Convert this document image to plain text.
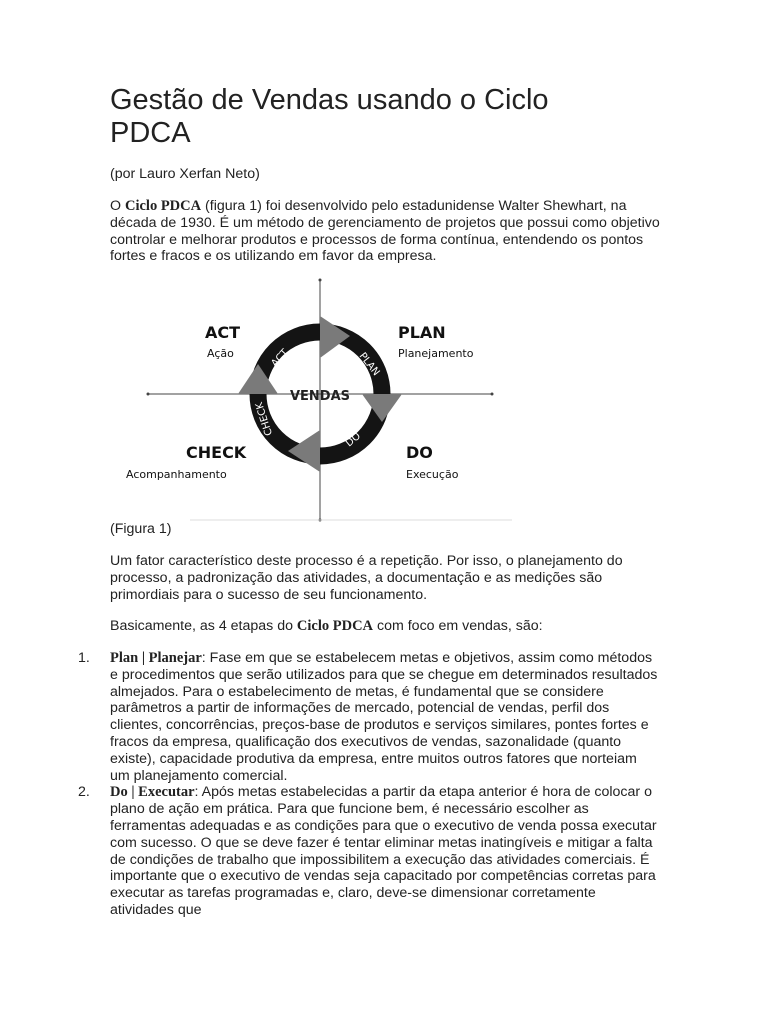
Gestão de Vendas usando o Ciclo PDCA

(por Lauro Xerfan Neto)

O Ciclo PDCA (figura 1) foi desenvolvido pelo estadunidense Walter Shewhart, na década de 1930. É um método de gerenciamento de projetos que possui como objetivo controlar e melhorar produtos e processos de forma contínua, entendendo os pontos fortes e fracos e os utilizando em favor da empresa.

ACT	PLAN
DO
CHECK
VENDAS
ACT
Ação
PLAN
Planejamento
CHECK
Acompanhamento
DO
Execução

(Figura 1)

Um fator característico deste processo é a repetição. Por isso, o planejamento do processo, a padronização das atividades, a documentação e as medições são primordiais para o sucesso de seu funcionamento.

Basicamente, as 4 etapas do Ciclo PDCA com foco em vendas, são:

1. Plan | Planejar: Fase em que se estabelecem metas e objetivos, assim como métodos e procedimentos que serão utilizados para que se chegue em determinados resultados almejados. Para o estabelecimento de metas, é fundamental que se considere parâmetros a partir de informações de mercado, potencial de vendas, perfil dos clientes, concorrências, preços-base de produtos e serviços similares, pontes fortes e fracos da empresa, qualificação dos executivos de vendas, sazonalidade (quanto existe), capacidade produtiva da empresa, entre muitos outros fatores que norteiam um planejamento comercial.
2. Do | Executar: Após metas estabelecidas a partir da etapa anterior é hora de colocar o plano de ação em prática. Para que funcione bem, é necessário escolher as ferramentas adequadas e as condições para que o executivo de venda possa executar com sucesso. O que se deve fazer é tentar eliminar metas inatingíveis e mitigar a falta de condições de trabalho que impossibilitem a execução das atividades comerciais. É importante que o executivo de vendas seja capacitado por competências corretas para executar as tarefas programadas e, claro, deve-se dimensionar corretamente atividades que
